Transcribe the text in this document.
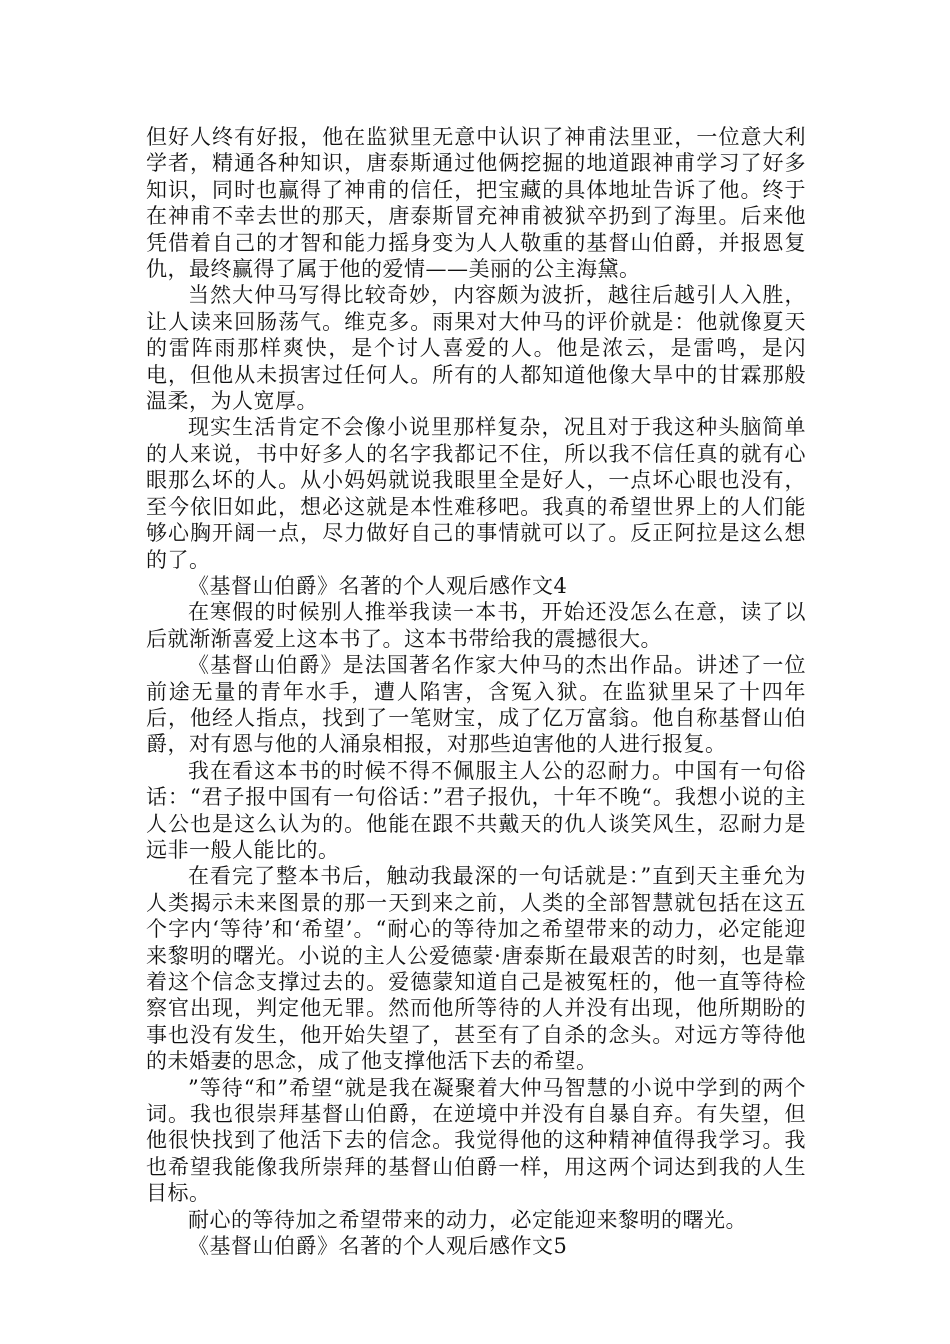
但好人终有好报，他在监狱里无意中认识了神甫法里亚，一位意大利学者，精通各种知识，唐泰斯通过他俩挖掘的地道跟神甫学习了好多知识，同时也赢得了神甫的信任，把宝藏的具体地址告诉了他。终于在神甫不幸去世的那天，唐泰斯冒充神甫被狱卒扔到了海里。后来他凭借着自己的才智和能力摇身变为人人敬重的基督山伯爵，并报恩复仇，最终赢得了属于他的爱情——美丽的公主海黛。

当然大仲马写得比较奇妙，内容颇为波折，越往后越引人入胜，让人读来回肠荡气。维克多。雨果对大仲马的评价就是：他就像夏天的雷阵雨那样爽快，是个讨人喜爱的人。他是浓云，是雷鸣，是闪电，但他从未损害过任何人。所有的人都知道他像大旱中的甘霖那般温柔，为人宽厚。

现实生活肯定不会像小说里那样复杂，况且对于我这种头脑简单的人来说，书中好多人的名字我都记不住，所以我不信任真的就有心眼那么坏的人。从小妈妈就说我眼里全是好人，一点坏心眼也没有，至今依旧如此，想必这就是本性难移吧。我真的希望世界上的人们能够心胸开阔一点，尽力做好自己的事情就可以了。反正阿拉是这么想的了。

《基督山伯爵》名著的个人观后感作文4

在寒假的时候别人推举我读一本书，开始还没怎么在意，读了以后就渐渐喜爱上这本书了。这本书带给我的震撼很大。

《基督山伯爵》是法国著名作家大仲马的杰出作品。讲述了一位前途无量的青年水手，遭人陷害，含冤入狱。在监狱里呆了十四年后，他经人指点，找到了一笔财宝，成了亿万富翁。他自称基督山伯爵，对有恩与他的人涌泉相报，对那些迫害他的人进行报复。

我在看这本书的时候不得不佩服主人公的忍耐力。中国有一句俗话：“君子报中国有一句俗话：”君子报仇，十年不晚“。我想小说的主人公也是这么认为的。他能在跟不共戴天的仇人谈笑风生，忍耐力是远非一般人能比的。

在看完了整本书后，触动我最深的一句话就是：”直到天主垂允为人类揭示未来图景的那一天到来之前，人类的全部智慧就包括在这五个字内‘等待’和‘希望’。“耐心的等待加之希望带来的动力，必定能迎来黎明的曙光。小说的主人公爱德蒙·唐泰斯在最艰苦的时刻，也是靠着这个信念支撑过去的。爱德蒙知道自己是被冤枉的，他一直等待检察官出现，判定他无罪。然而他所等待的人并没有出现，他所期盼的事也没有发生，他开始失望了，甚至有了自杀的念头。对远方等待他的未婚妻的思念，成了他支撑他活下去的希望。

”等待“和”希望“就是我在凝聚着大仲马智慧的小说中学到的两个词。我也很崇拜基督山伯爵，在逆境中并没有自暴自弃。有失望，但他很快找到了他活下去的信念。我觉得他的这种精神值得我学习。我也希望我能像我所崇拜的基督山伯爵一样，用这两个词达到我的人生目标。

耐心的等待加之希望带来的动力，必定能迎来黎明的曙光。

《基督山伯爵》名著的个人观后感作文5
